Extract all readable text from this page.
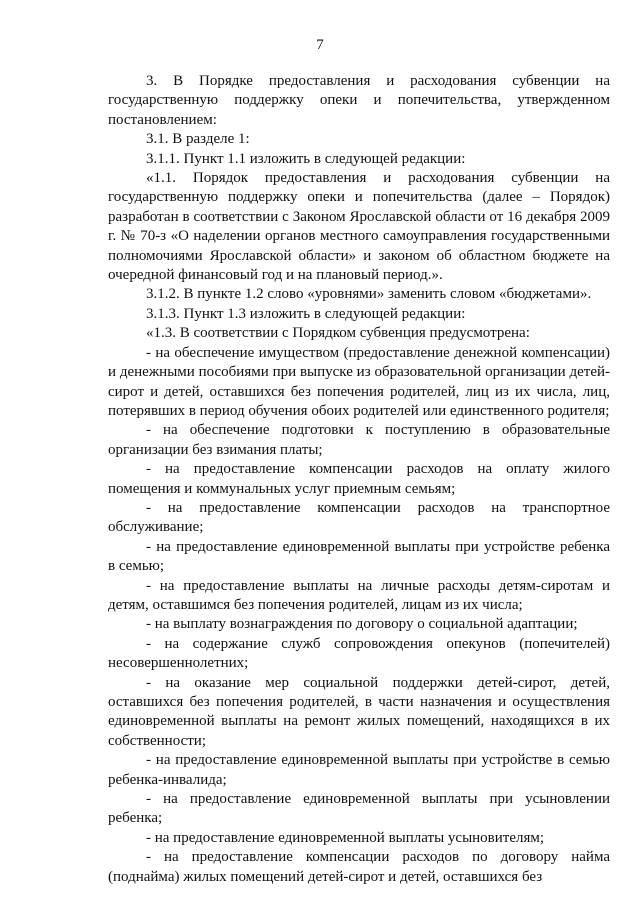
7

3. В Порядке предоставления и расходования субвенции на государственную поддержку опеки и попечительства, утвержденном постановлением:

3.1. В разделе 1:

3.1.1. Пункт 1.1 изложить в следующей редакции:

«1.1. Порядок предоставления и расходования субвенции на государственную поддержку опеки и попечительства (далее – Порядок) разработан в соответствии с Законом Ярославской области от 16 декабря 2009 г. № 70-з «О наделении органов местного самоуправления государственными полномочиями Ярославской области» и законом об областном бюджете на очередной финансовый год и на плановый период.».

3.1.2. В пункте 1.2 слово «уровнями» заменить словом «бюджетами».

3.1.3. Пункт 1.3 изложить в следующей редакции:

«1.3. В соответствии с Порядком субвенция предусмотрена:

- на обеспечение имуществом (предоставление денежной компенсации) и денежными пособиями при выпуске из образовательной организации детей-сирот и детей, оставшихся без попечения родителей, лиц из их числа, лиц, потерявших в период обучения обоих родителей или единственного родителя;

- на обеспечение подготовки к поступлению в образовательные организации без взимания платы;

- на предоставление компенсации расходов на оплату жилого помещения и коммунальных услуг приемным семьям;

- на предоставление компенсации расходов на транспортное обслуживание;

- на предоставление единовременной выплаты при устройстве ребенка в семью;

- на предоставление выплаты на личные расходы детям-сиротам и детям, оставшимся без попечения родителей, лицам из их числа;

- на выплату вознаграждения по договору о социальной адаптации;

- на содержание служб сопровождения опекунов (попечителей) несовершеннолетних;

- на оказание мер социальной поддержки детей-сирот, детей, оставшихся без попечения родителей, в части назначения и осуществления единовременной выплаты на ремонт жилых помещений, находящихся в их собственности;

- на предоставление единовременной выплаты при устройстве в семью ребенка-инвалида;

- на предоставление единовременной выплаты при усыновлении ребенка;

- на предоставление единовременной выплаты усыновителям;

- на предоставление компенсации расходов по договору найма (поднайма) жилых помещений детей-сирот и детей, оставшихся без
